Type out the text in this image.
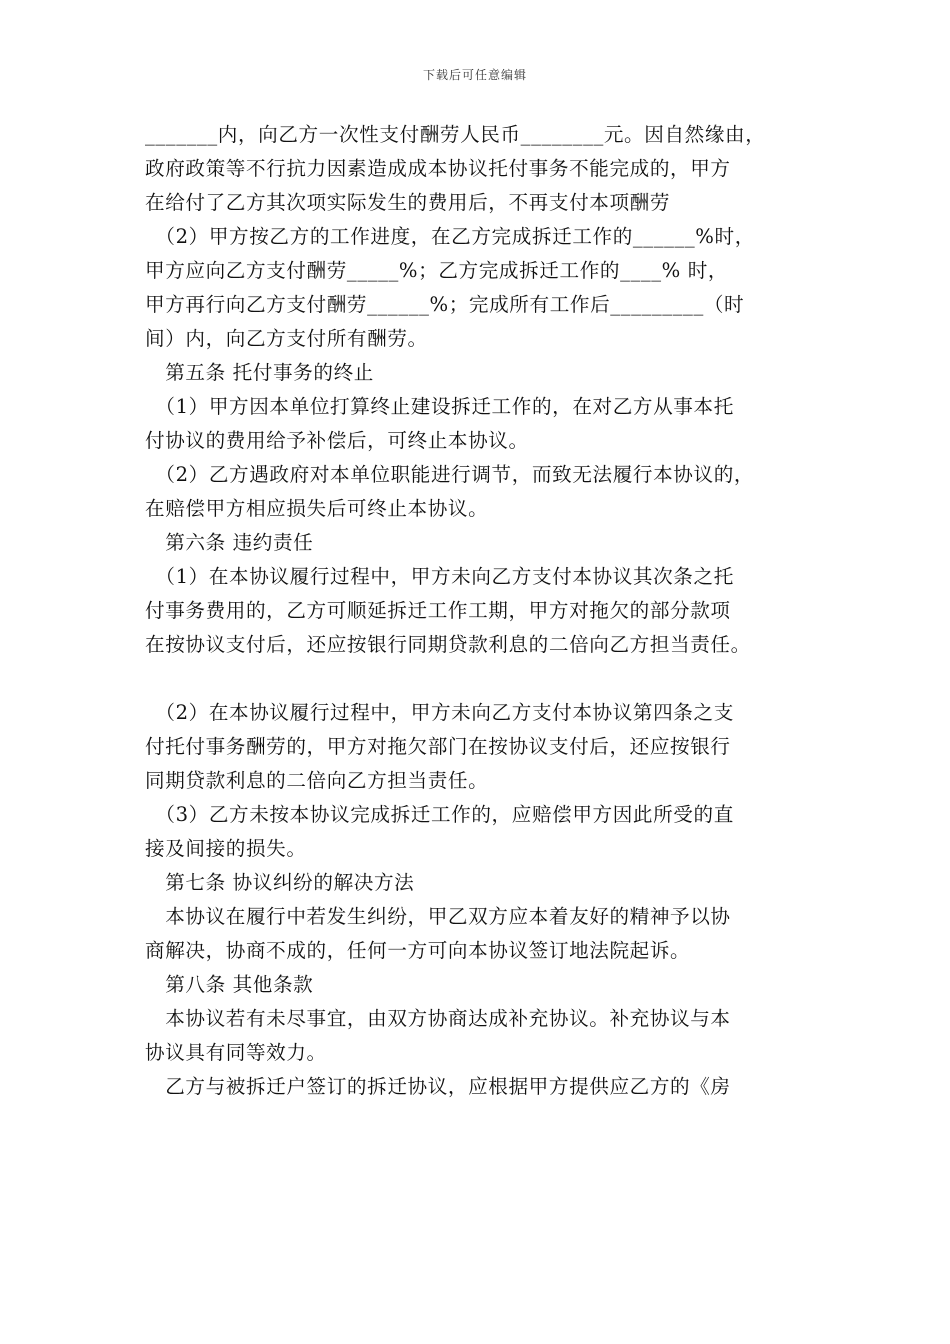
下载后可任意编辑

_______内，向乙方一次性支付酬劳人民币________元。因自然缘由，

政府政策等不行抗力因素造成成本协议托付事务不能完成的，甲方

在给付了乙方其次项实际发生的费用后，不再支付本项酬劳

　（2）甲方按乙方的工作进度，在乙方完成拆迁工作的______%时，

甲方应向乙方支付酬劳_____%；乙方完成拆迁工作的____% 时，

甲方再行向乙方支付酬劳______%；完成所有工作后_________（时

间）内，向乙方支付所有酬劳。

　第五条 托付事务的终止

　（1）甲方因本单位打算终止建设拆迁工作的，在对乙方从事本托

付协议的费用给予补偿后，可终止本协议。

　（2）乙方遇政府对本单位职能进行调节，而致无法履行本协议的，

在赔偿甲方相应损失后可终止本协议。

　第六条 违约责任

　（1）在本协议履行过程中，甲方未向乙方支付本协议其次条之托

付事务费用的，乙方可顺延拆迁工作工期，甲方对拖欠的部分款项

在按协议支付后，还应按银行同期贷款利息的二倍向乙方担当责任。

　（2）在本协议履行过程中，甲方未向乙方支付本协议第四条之支

付托付事务酬劳的，甲方对拖欠部门在按协议支付后，还应按银行

同期贷款利息的二倍向乙方担当责任。

　（3）乙方未按本协议完成拆迁工作的，应赔偿甲方因此所受的直

接及间接的损失。

　第七条 协议纠纷的解决方法

　本协议在履行中若发生纠纷，甲乙双方应本着友好的精神予以协

商解决，协商不成的，任何一方可向本协议签订地法院起诉。

　第八条 其他条款

　本协议若有未尽事宜，由双方协商达成补充协议。补充协议与本

协议具有同等效力。

　乙方与被拆迁户签订的拆迁协议，应根据甲方提供应乙方的《房
